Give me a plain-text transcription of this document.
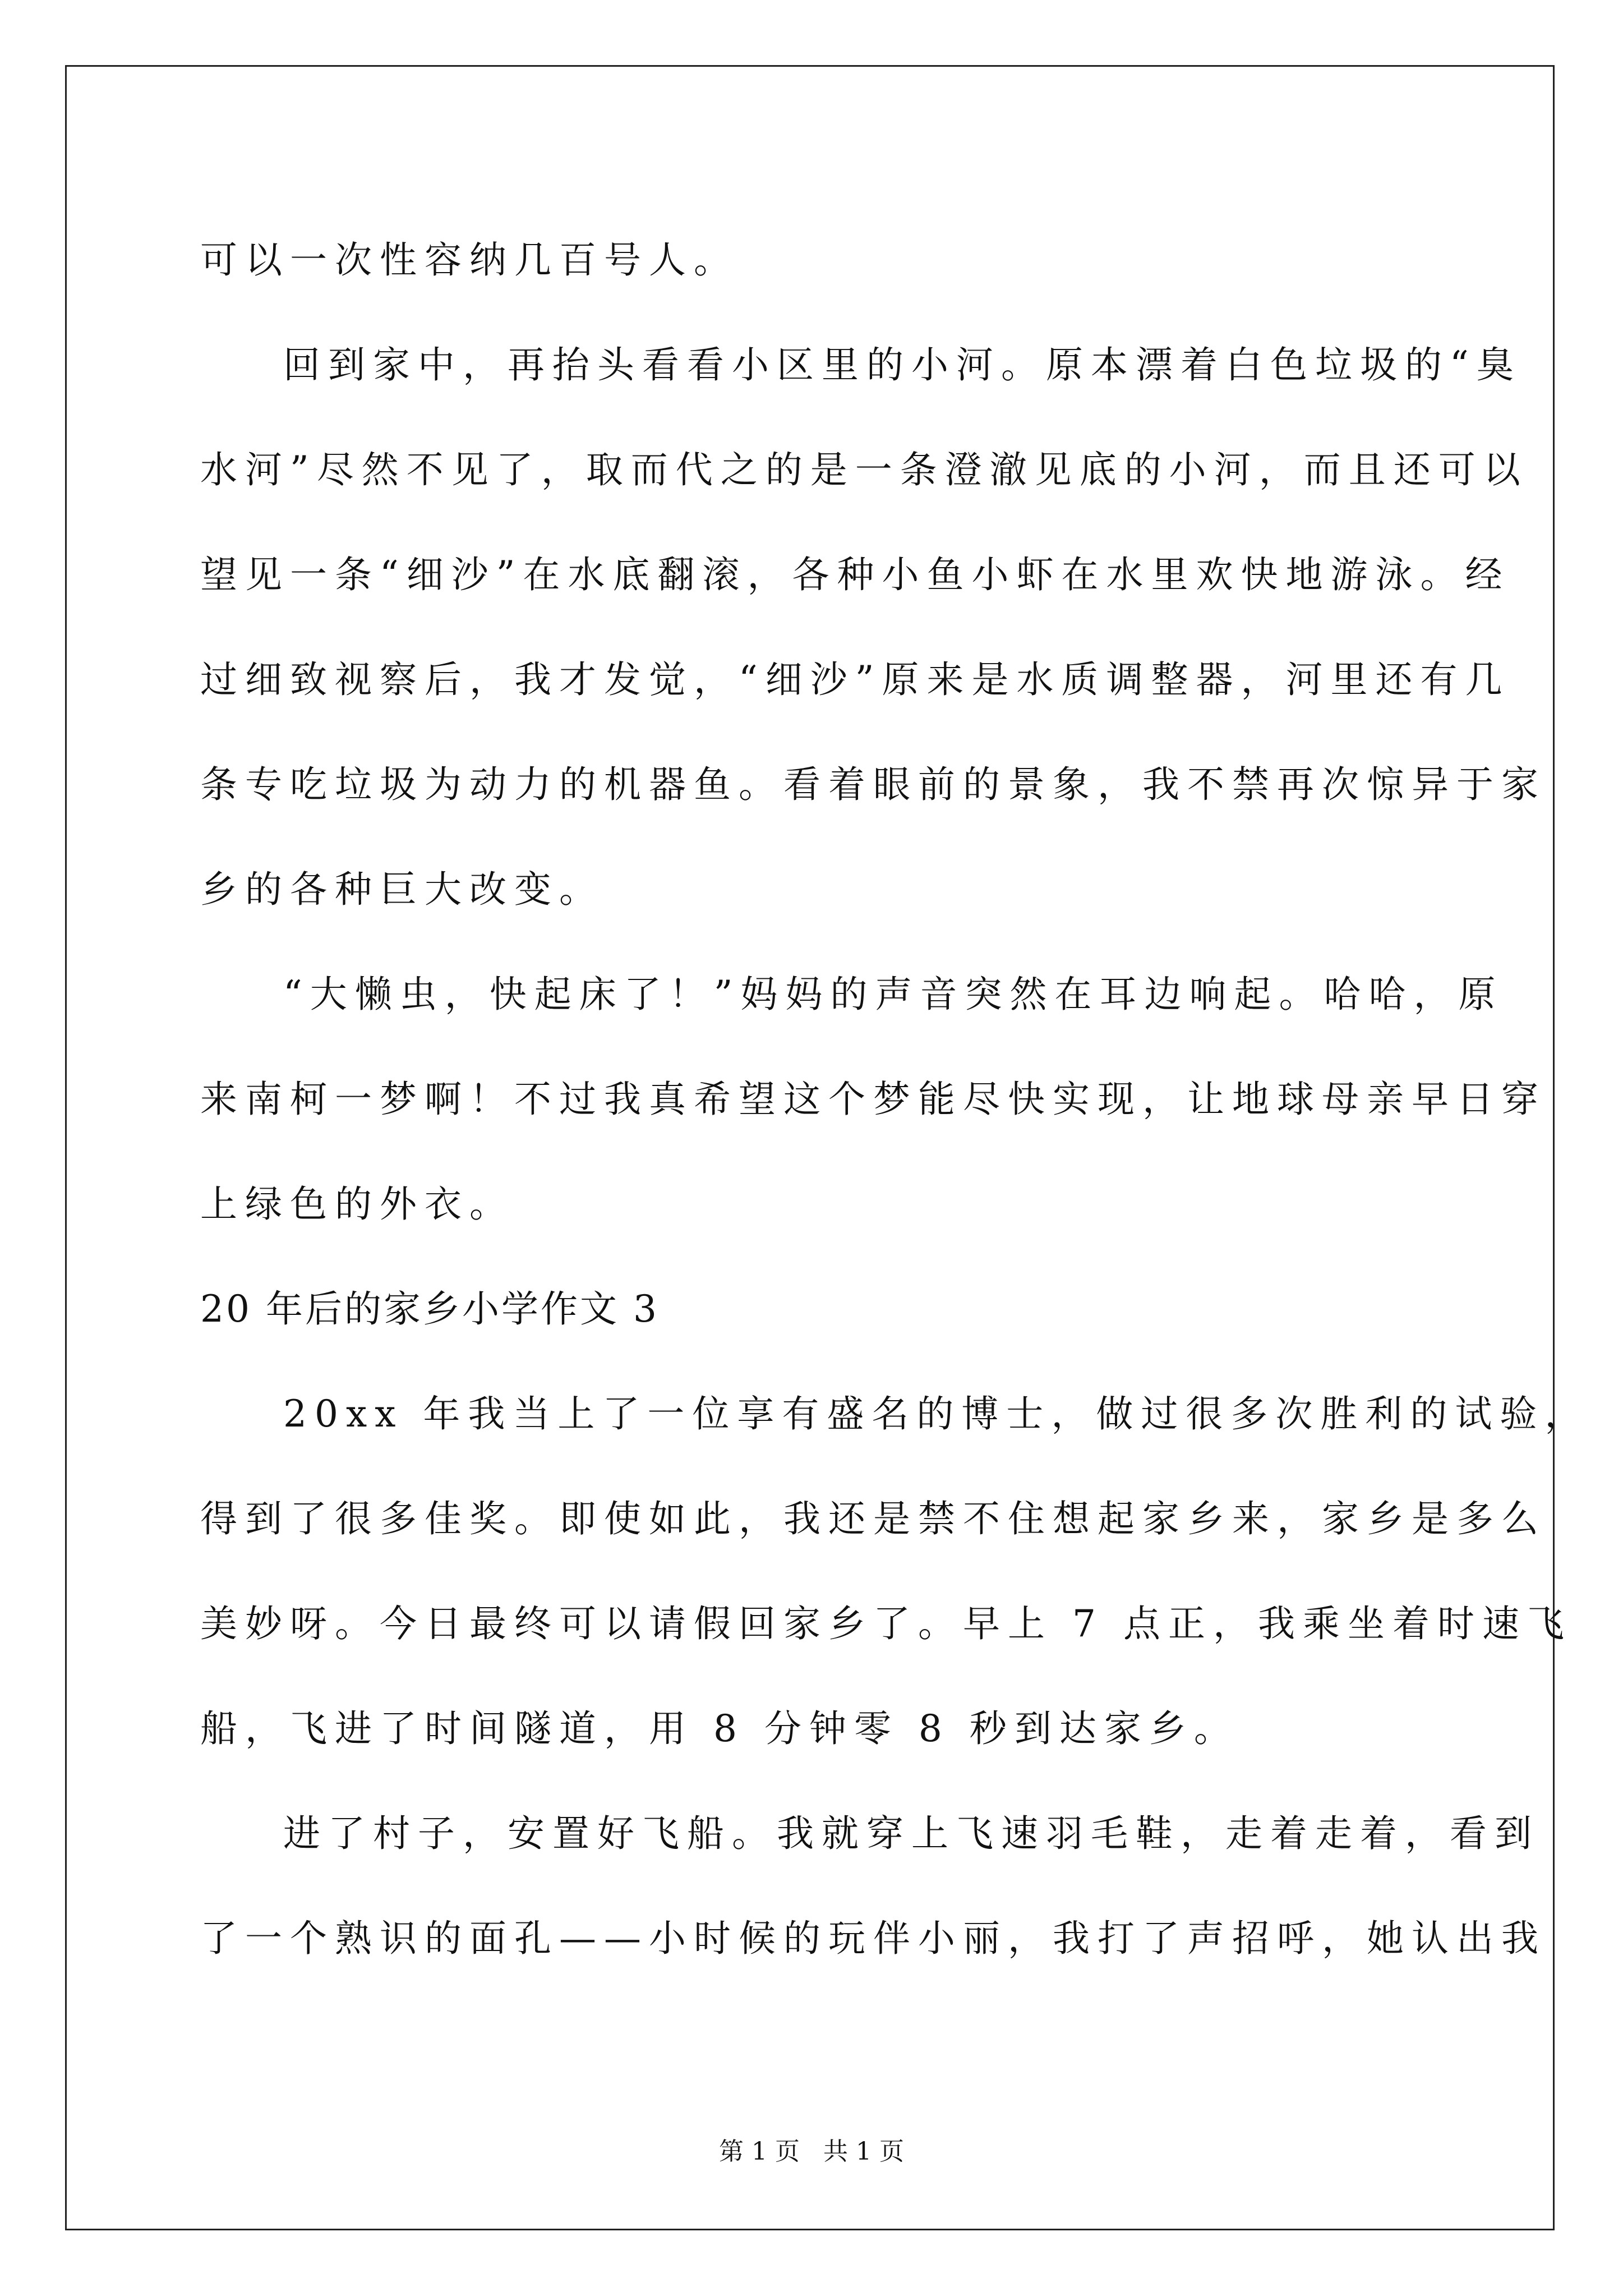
可以一次性容纳几百号人。
回到家中，再抬头看看小区里的小河。原本漂着白色垃圾的“臭
水河”尽然不见了，取而代之的是一条澄澈见底的小河，而且还可以
望见一条“细沙”在水底翻滚，各种小鱼小虾在水里欢快地游泳。经
过细致视察后，我才发觉，“细沙”原来是水质调整器，河里还有几
条专吃垃圾为动力的机器鱼。看着眼前的景象，我不禁再次惊异于家
乡的各种巨大改变。
“大懒虫，快起床了！”妈妈的声音突然在耳边响起。哈哈，原
来南柯一梦啊！不过我真希望这个梦能尽快实现，让地球母亲早日穿
上绿色的外衣。
20 年后的家乡小学作文 3
20xx 年我当上了一位享有盛名的博士，做过很多次胜利的试验，
得到了很多佳奖。即使如此，我还是禁不住想起家乡来，家乡是多么
美妙呀。今日最终可以请假回家乡了。早上 7 点正，我乘坐着时速飞
船，飞进了时间隧道，用 8 分钟零 8 秒到达家乡。
进了村子，安置好飞船。我就穿上飞速羽毛鞋，走着走着，看到
了一个熟识的面孔——小时候的玩伴小丽，我打了声招呼，她认出我
第 1 页   共 1 页
